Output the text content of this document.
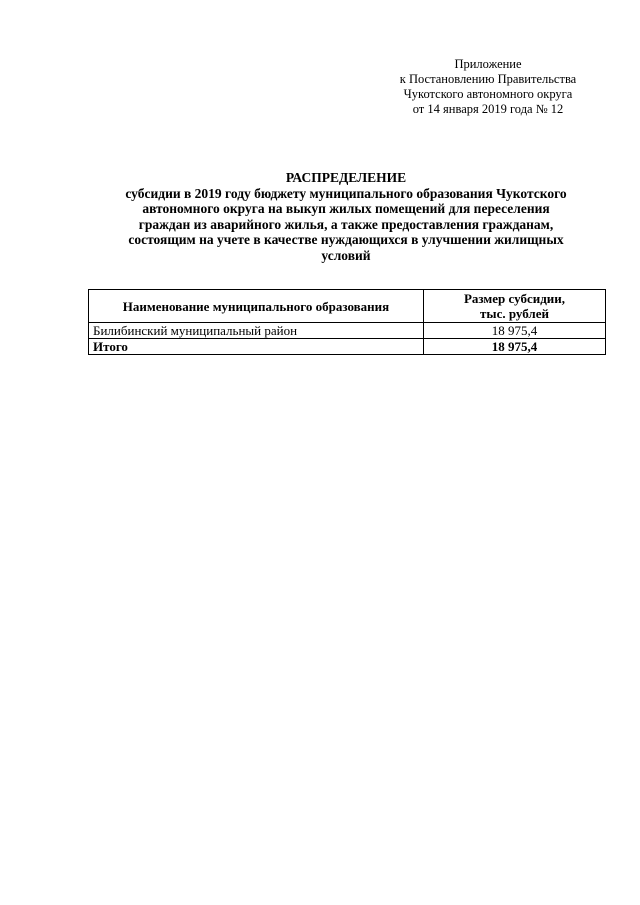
Приложение
к Постановлению Правительства
Чукотского автономного округа
от 14 января 2019 года № 12
РАСПРЕДЕЛЕНИЕ
субсидии в 2019 году бюджету муниципального образования Чукотского
автономного округа на выкуп жилых помещений для переселения
граждан из аварийного жилья, а также предоставления гражданам,
состоящим на учете в качестве нуждающихся в улучшении жилищных
условий
Наименование муниципального образования	Размер субсидии,
тыс. рублей
Билибинский муниципальный район	18 975,4
Итого	18 975,4
